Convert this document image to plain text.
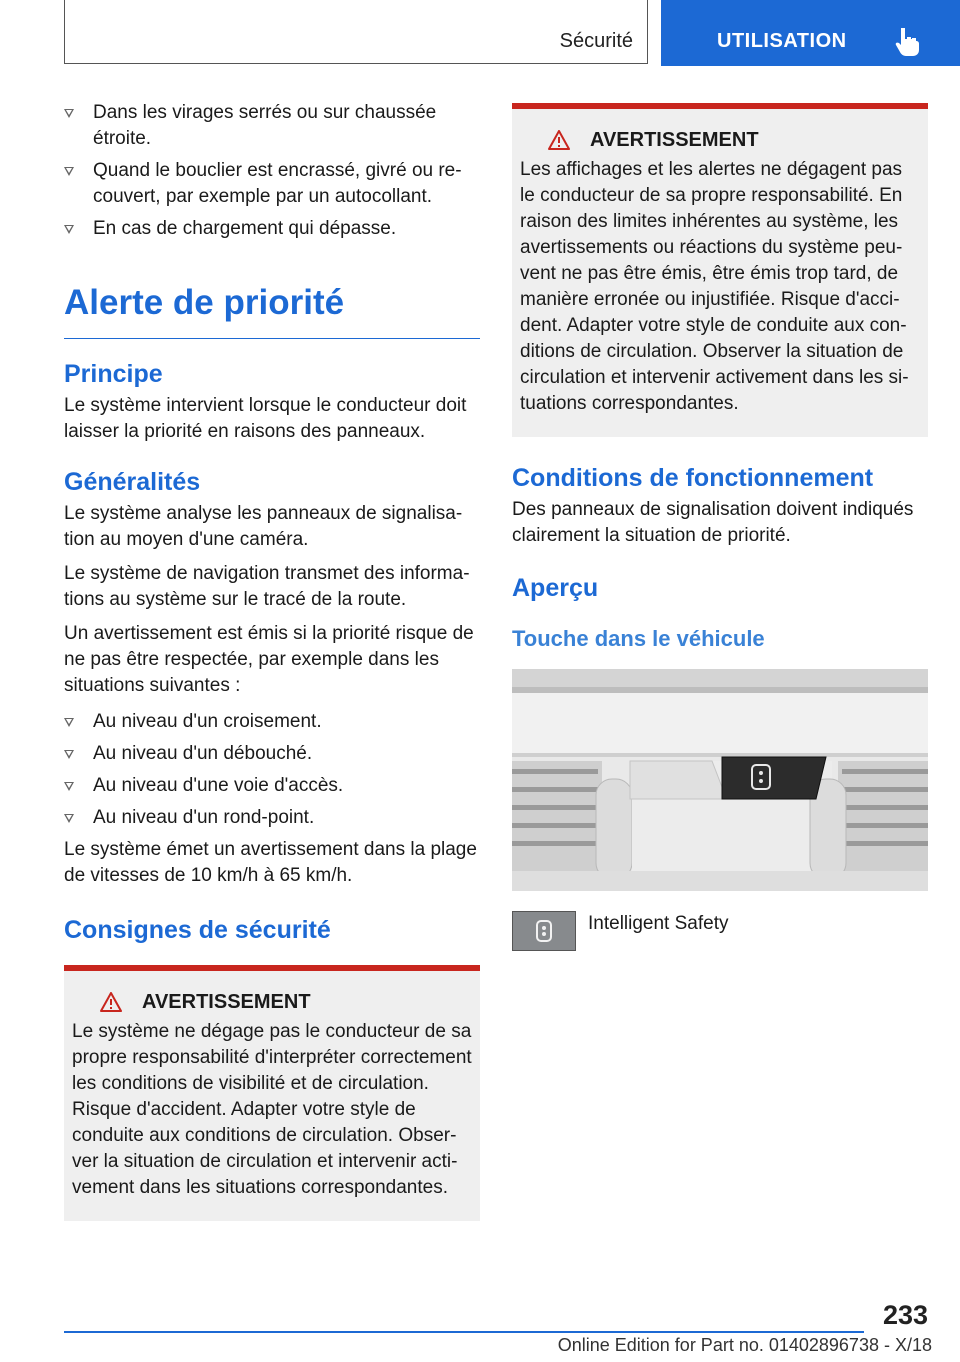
Sécurité	UTILISATION
Dans les virages serrés ou sur chaussée étroite.
Quand le bouclier est encrassé, givré ou recouvert, par exemple par un autocollant.
En cas de chargement qui dépasse.
Alerte de priorité
Principe

Le système intervient lorsque le conducteur doit laisser la priorité en raisons des panneaux.

Généralités

Le système analyse les panneaux de signalisation au moyen d'une caméra.

Le système de navigation transmet des informations au système sur le tracé de la route.

Un avertissement est émis si la priorité risque de ne pas être respectée, par exemple dans les situations suivantes :

Au niveau d'un croisement.
Au niveau d'un débouché.
Au niveau d'une voie d'accès.
Au niveau d'un rond-point.

Le système émet un avertissement dans la plage de vitesses de 10 km/h à 65 km/h.

Consignes de sécurité
AVERTISSEMENT
Le système ne dégage pas le conducteur de sa propre responsabilité d'interpréter correctement les conditions de visibilité et de circulation. Risque d'accident. Adapter votre style de conduite aux conditions de circulation. Observer la situation de circulation et intervenir activement dans les situations correspondantes.
AVERTISSEMENT
Les affichages et les alertes ne dégagent pas le conducteur de sa propre responsabilité. En raison des limites inhérentes au système, les avertissements ou réactions du système peuvent ne pas être émis, être émis trop tard, de manière erronée ou injustifiée. Risque d'accident. Adapter votre style de conduite aux conditions de circulation. Observer la situation de circulation et intervenir activement dans les situations correspondantes.
Conditions de fonctionnement

Des panneaux de signalisation doivent indiqués clairement la situation de priorité.

Aperçu
Touche dans le véhicule
Intelligent Safety
233
Online Edition for Part no. 01402896738 - X/18
